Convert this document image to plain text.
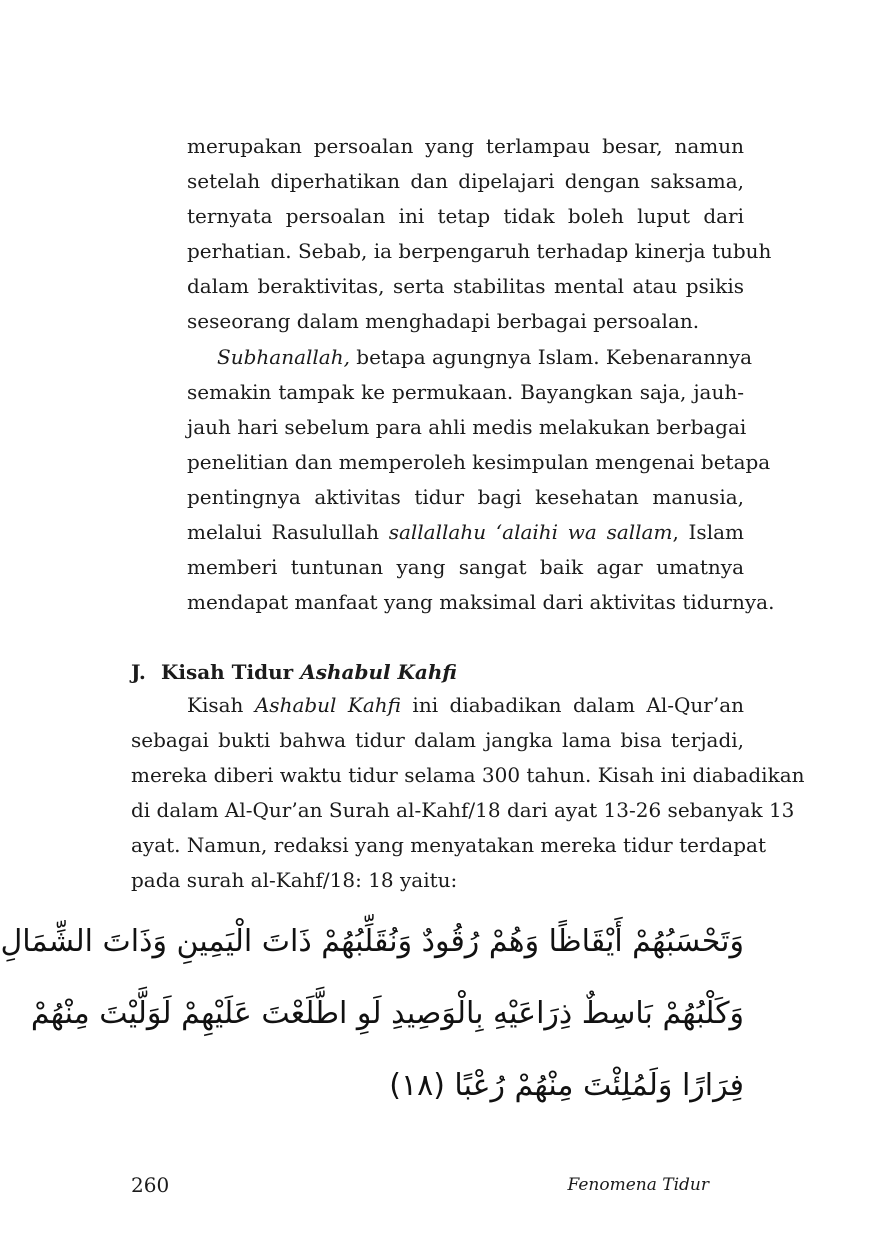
merupakan persoalan yang terlampau besar, namun
setelah diperhatikan dan dipelajari dengan saksama,
ternyata persoalan ini tetap tidak boleh luput dari
perhatian. Sebab, ia berpengaruh terhadap kinerja tubuh
dalam beraktivitas, serta stabilitas mental atau psikis
seseorang dalam menghadapi berbagai persoalan.
Subhanallah, betapa agungnya Islam. Kebenarannya
semakin tampak ke permukaan. Bayangkan saja, jauh-
jauh hari sebelum para ahli medis melakukan berbagai
penelitian dan memperoleh kesimpulan mengenai betapa
pentingnya aktivitas tidur bagi kesehatan manusia,
melalui Rasulullah sallallahu ‘alaihi wa sallam, Islam
memberi tuntunan yang sangat baik agar umatnya
mendapat manfaat yang maksimal dari aktivitas tidurnya.
J. Kisah Tidur Ashabul Kahfi
Kisah Ashabul Kahfi ini diabadikan dalam Al-Qur’an
sebagai bukti bahwa tidur dalam jangka lama bisa terjadi,
mereka diberi waktu tidur selama 300 tahun. Kisah ini diabadikan
di dalam Al-Qur’an Surah al-Kahf/18 dari ayat 13-26 sebanyak 13
ayat. Namun, redaksi yang menyatakan mereka tidur terdapat
pada surah al-Kahf/18: 18 yaitu:
وَتَحْسَبُهُمْ أَيْقَاظًا وَهُمْ رُقُودٌ وَنُقَلِّبُهُمْ ذَاتَ الْيَمِينِ وَذَاتَ الشِّمَالِ
وَكَلْبُهُمْ بَاسِطٌ ذِرَاعَيْهِ بِالْوَصِيدِ لَوِ اطَّلَعْتَ عَلَيْهِمْ لَوَلَّيْتَ مِنْهُمْ
فِرَارًا وَلَمُلِئْتَ مِنْهُمْ رُعْبًا (١٨)
260	Fenomena Tidur
